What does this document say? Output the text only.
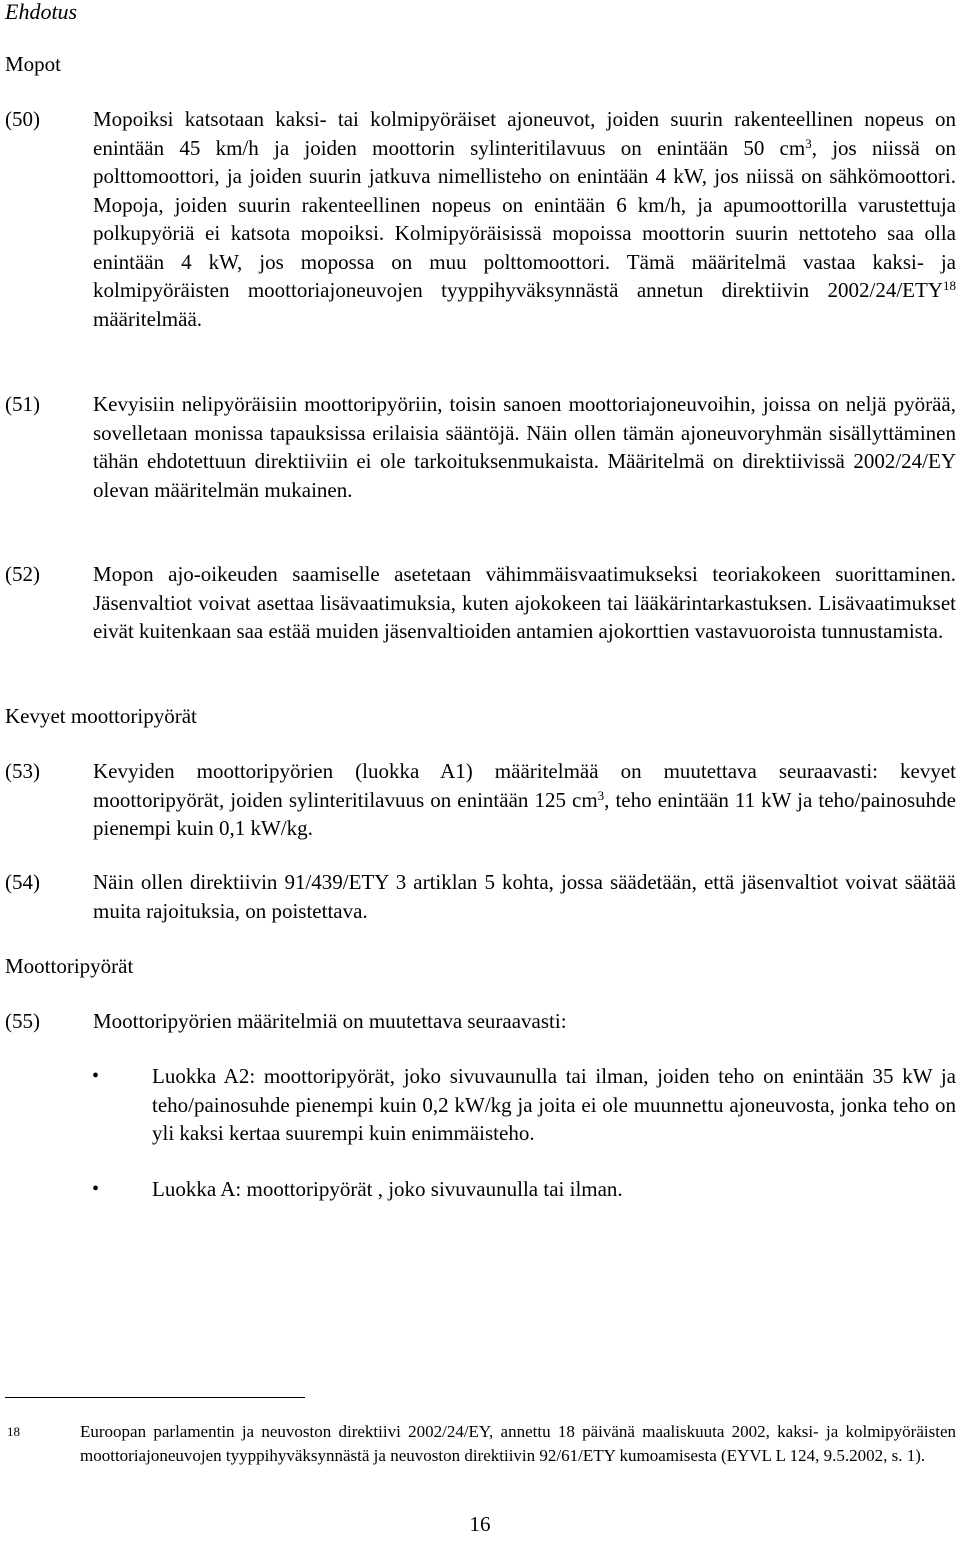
Ehdotus
Mopot
(50)	Mopoiksi katsotaan kaksi- tai kolmipyöräiset ajoneuvot, joiden suurin rakenteellinen nopeus on enintään 45 km/h ja joiden moottorin sylinteritilavuus on enintään 50 $cm^3$, jos niissä on polttomoottori, ja joiden suurin jatkuva nimellisteho on enintään 4 kW, jos niissä on sähkömoottori. Mopoja, joiden suurin rakenteellinen nopeus on enintään 6 km/h, ja apumoottorilla varustettuja polkupyöriä ei katsota mopoiksi. Kolmipyöräisissä mopoissa moottorin suurin nettoteho saa olla enintään 4 kW, jos mopossa on muu polttomoottori. Tämä määritelmä vastaa kaksi- ja kolmipyöräisten moottoriajoneuvojen tyyppihyväksynnästä annetun direktiivin 2002/24/ETY$^{18}$ määritelmää.
(51)	Kevyisiin nelipyöräisiin moottoripyöriin, toisin sanoen moottoriajoneuvoihin, joissa on neljä pyörää, sovelletaan monissa tapauksissa erilaisia sääntöjä. Näin ollen tämän ajoneuvoryhmän sisällyttäminen tähän ehdotettuun direktiiviin ei ole tarkoituksenmukaista. Määritelmä on direktiivissä 2002/24/EY olevan määritelmän mukainen.
(52)	Mopon ajo-oikeuden saamiselle asetetaan vähimmäisvaatimukseksi teoriakokeen suorittaminen. Jäsenvaltiot voivat asettaa lisävaatimuksia, kuten ajokokeen tai lääkärintarkastuksen. Lisävaatimukset eivät kuitenkaan saa estää muiden jäsenvaltioiden antamien ajokorttien vastavuoroista tunnustamista.
Kevyet moottoripyörät
(53)	Kevyiden moottoripyörien (luokka A1) määritelmää on muutettava seuraavasti: kevyet moottoripyörät, joiden sylinteritilavuus on enintään 125 $cm^3$, teho enintään 11 kW ja teho/painosuhde pienempi kuin 0,1 kW/kg.
(54)	Näin ollen direktiivin 91/439/ETY 3 artiklan 5 kohta, jossa säädetään, että jäsenvaltiot voivat säätää muita rajoituksia, on poistettava.
Moottoripyörät
(55)	Moottoripyörien määritelmiä on muutettava seuraavasti:
•	Luokka A2: moottoripyörät, joko sivuvaunulla tai ilman, joiden teho on enintään 35 kW ja teho/painosuhde pienempi kuin 0,2 kW/kg ja joita ei ole muunnettu ajoneuvosta, jonka teho on yli kaksi kertaa suurempi kuin enimmäisteho.
•	Luokka A: moottoripyörät , joko sivuvaunulla tai ilman.
18	Euroopan parlamentin ja neuvoston direktiivi 2002/24/EY, annettu 18 päivänä maaliskuuta 2002, kaksi- ja kolmipyöräisten moottoriajoneuvojen tyyppihyväksynnästä ja neuvoston direktiivin 92/61/ETY kumoamisesta (EYVL L 124, 9.5.2002, s. 1).
16
